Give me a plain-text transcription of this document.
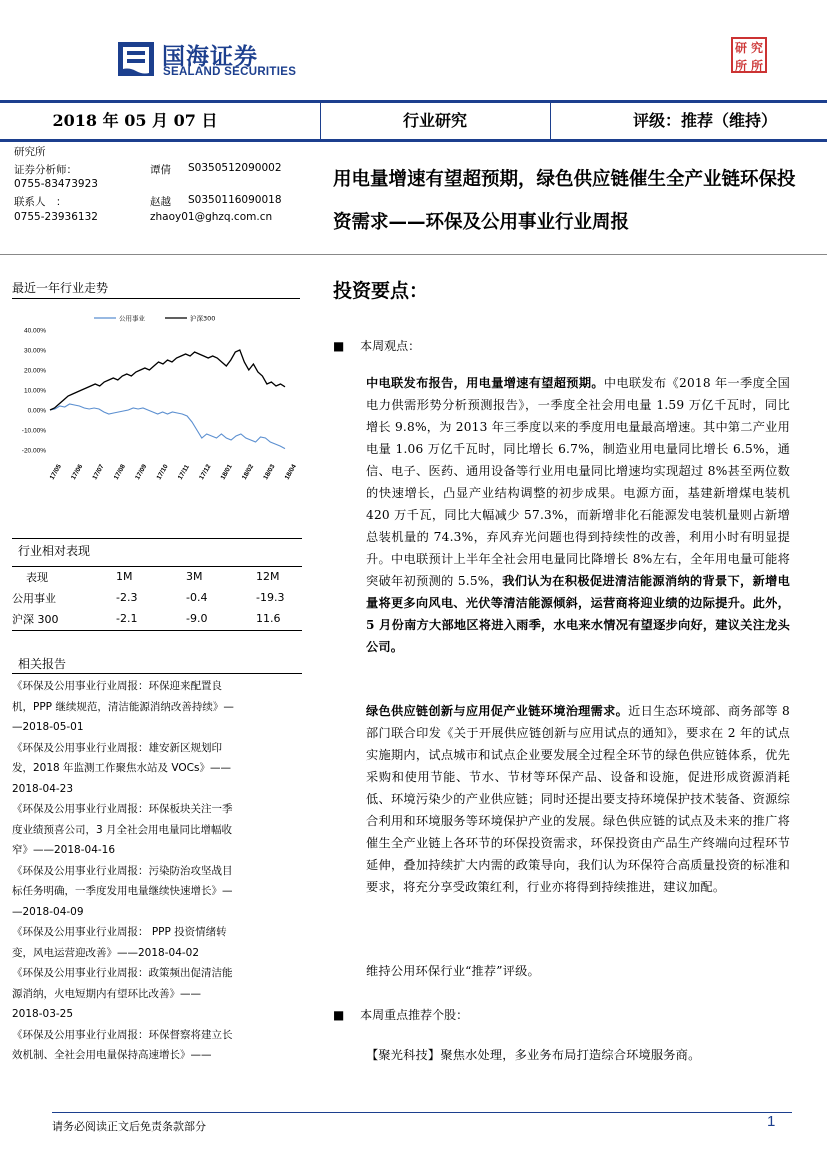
国海证券
SEALAND SECURITIES
研 究
所 所
2018 年 05 月 07 日	行业研究	评级：推荐（维持）
研究所
证券分析师：	谭倩 S0350512090002
0755-83473923
联系人　：	赵越 S0350116090018
0755-23936132	zhaoy01@ghzq.com.cn
用电量增速有望超预期，绿色供应链催生全产业链环保投资需求——环保及公用事业行业周报
最近一年行业走势
40.00%
30.00%
20.00%
10.00%
0.00%
-10.00%
-20.00%
17/05 17/06 17/07 17/08 17/09 17/10 17/11 17/12 18/01 18/02 18/03 18/04
公用事业	沪深300
行业相对表现
表现	1M	3M	12M
公用事业	-2.3	-0.4	-19.3
沪深 300	-2.1	-9.0	11.6
相关报告

《环保及公用事业行业周报：环保迎来配置良

机，PPP 继续规范，清洁能源消纳改善持续》—

—2018-05-01

《环保及公用事业行业周报：雄安新区规划印

发，2018 年监测工作聚焦水站及 VOCs》——

2018-04-23

《环保及公用事业行业周报：环保板块关注一季

度业绩预喜公司，3 月全社会用电量同比增幅收

窄》——2018-04-16

《环保及公用事业行业周报：污染防治攻坚战目

标任务明确，一季度发用电量继续快速增长》—

—2018-04-09

《环保及公用事业行业周报： PPP 投资情绪转

变，风电运营迎改善》——2018-04-02

《环保及公用事业行业周报：政策频出促清洁能

源消纳，火电短期内有望环比改善》——

2018-03-25

《环保及公用事业行业周报：环保督察将建立长

效机制、全社会用电量保持高速增长》——

投资要点：
■ 本周观点：
中电联发布报告，用电量增速有望超预期。中电联发布《2018 年一季度全国电力供需形势分析预测报告》，一季度全社会用电量 1.59 万亿千瓦时，同比增长 9.8%，为 2013 年三季度以来的季度用电量最高增速。其中第二产业用电量 1.06 万亿千瓦时，同比增长 6.7%，制造业用电量同比增长 6.5%，通信、电子、医药、通用设备等行业用电量同比增速均实现超过 8%甚至两位数的快速增长，凸显产业结构调整的初步成果。电源方面，基建新增煤电装机 420 万千瓦，同比大幅减少 57.3%，而新增非化石能源发电装机量则占新增总装机量的 74.3%，弃风弃光问题也得到持续性的改善，利用小时有明显提升。中电联预计上半年全社会用电量同比降增长 8%左右，全年用电量可能将突破年初预测的 5.5%，我们认为在积极促进清洁能源消纳的背景下，新增电量将更多向风电、光伏等清洁能源倾斜，运营商将迎业绩的边际提升。此外，5 月份南方大部地区将进入雨季，水电来水情况有望逐步向好，建议关注龙头公司。
绿色供应链创新与应用促产业链环境治理需求。近日生态环境部、商务部等 8 部门联合印发《关于开展供应链创新与应用试点的通知》，要求在 2 年的试点实施期内，试点城市和试点企业要发展全过程全环节的绿色供应链体系，优先采购和使用节能、节水、节材等环保产品、设备和设施，促进形成资源消耗低、环境污染少的产业供应链；同时还提出要支持环境保护技术装备、资源综合利用和环境服务等环境保护产业的发展。绿色供应链的试点及未来的推广将催生全产业链上各环节的环保投资需求，环保投资由产品生产终端向过程环节延伸，叠加持续扩大内需的政策导向，我们认为环保符合高质量投资的标准和要求，将充分享受政策红利，行业亦将得到持续推进，建议加配。
维持公用环保行业“推荐”评级。
■ 本周重点推荐个股：
【聚光科技】聚焦水处理，多业务布局打造综合环境服务商。
请务必阅读正文后免责条款部分	1
